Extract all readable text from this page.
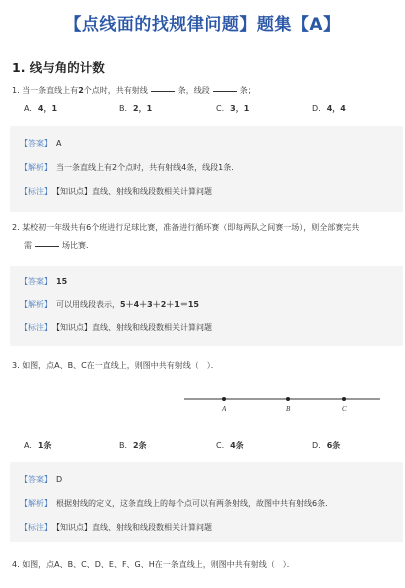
【点线面的找规律问题】题集【A】
1. 线与角的计数
1. 当一条直线上有2个点时，共有射线	条，线段	条；
A. 4，1	B. 2，1	C. 3，1	D. 4，4
【答案】 A
【解析】 当一条直线上有2个点时，共有射线4条，线段1条．
【标注】 【知识点】直线、射线和线段数相关计算问题
2. 某校初一年级共有6个班进行足球比赛，准备进行循环赛（即每两队之间赛一场），则全部赛完共
需	场比赛．
【答案】 15
【解析】 可以用线段表示，5＋4＋3＋2＋1＝15
【标注】 【知识点】直线、射线和线段数相关计算问题
3. 如图，点A、B、C在一直线上，则图中共有射线（　）．
A	B	C
A. 1条	B. 2条	C. 4条	D. 6条
【答案】 D
【解析】 根据射线的定义，这条直线上的每个点可以有两条射线，故图中共有射线6条．
【标注】 【知识点】直线、射线和线段数相关计算问题
4. 如图，点A、B、C、D、E、F、G、H在一条直线上，则图中共有射线（　）．
